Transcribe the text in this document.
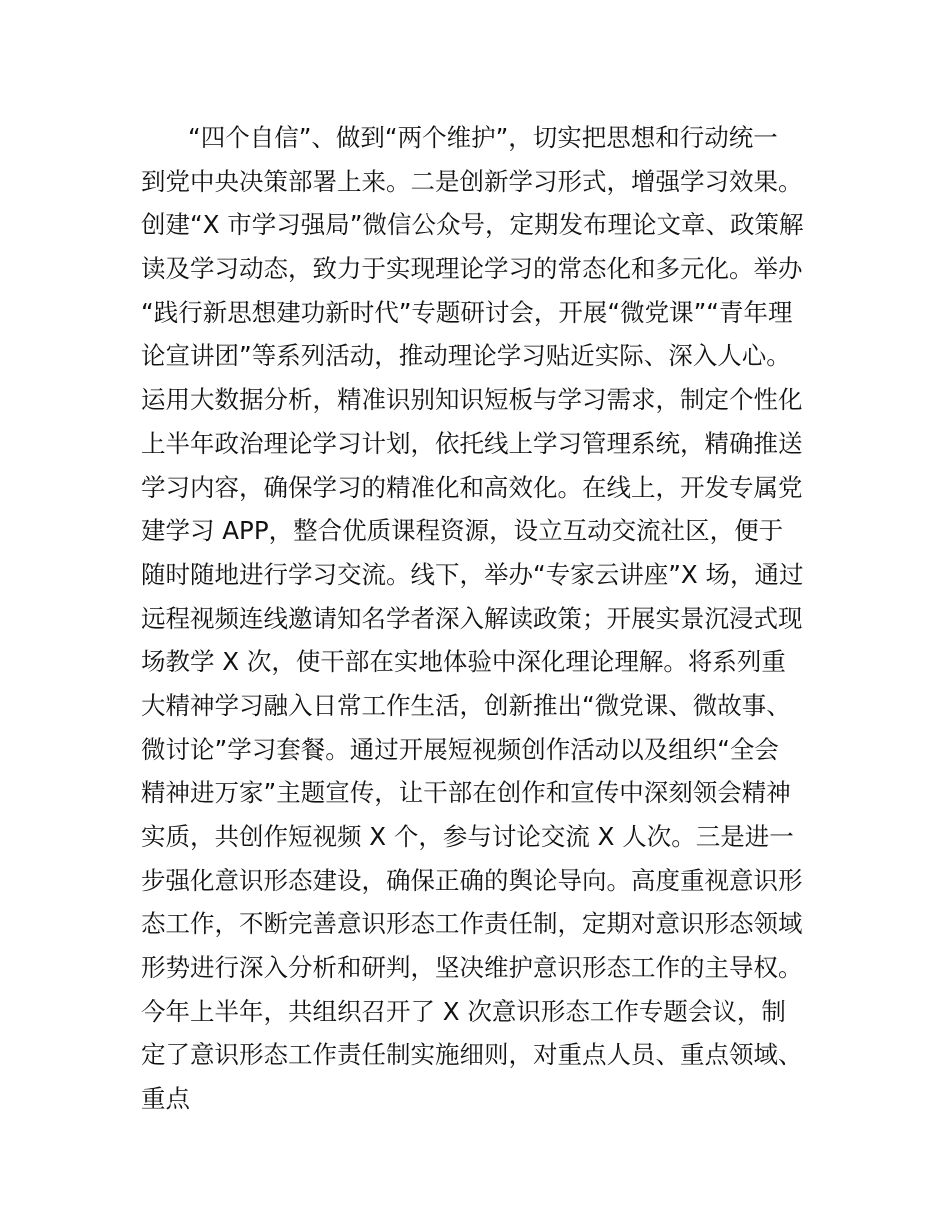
“四个自信”、做到“两个维护”，切实把思想和行动统一
到党中央决策部署上来。二是创新学习形式，增强学习效果。
创建“X 市学习强局”微信公众号，定期发布理论文章、政策解
读及学习动态，致力于实现理论学习的常态化和多元化。举办
“践行新思想建功新时代”专题研讨会，开展“微党课”“青年理
论宣讲团”等系列活动，推动理论学习贴近实际、深入人心。
运用大数据分析，精准识别知识短板与学习需求，制定个性化
上半年政治理论学习计划，依托线上学习管理系统，精确推送
学习内容，确保学习的精准化和高效化。在线上，开发专属党
建学习 APP，整合优质课程资源，设立互动交流社区，便于
随时随地进行学习交流。线下，举办“专家云讲座”X 场，通过
远程视频连线邀请知名学者深入解读政策；开展实景沉浸式现
场教学 X 次，使干部在实地体验中深化理论理解。将系列重
大精神学习融入日常工作生活，创新推出“微党课、微故事、
微讨论”学习套餐。通过开展短视频创作活动以及组织“全会
精神进万家”主题宣传，让干部在创作和宣传中深刻领会精神
实质，共创作短视频 X 个，参与讨论交流 X 人次。三是进一
步强化意识形态建设，确保正确的舆论导向。高度重视意识形
态工作，不断完善意识形态工作责任制，定期对意识形态领域
形势进行深入分析和研判，坚决维护意识形态工作的主导权。
今年上半年，共组织召开了 X 次意识形态工作专题会议，制
定了意识形态工作责任制实施细则，对重点人员、重点领域、
重点
